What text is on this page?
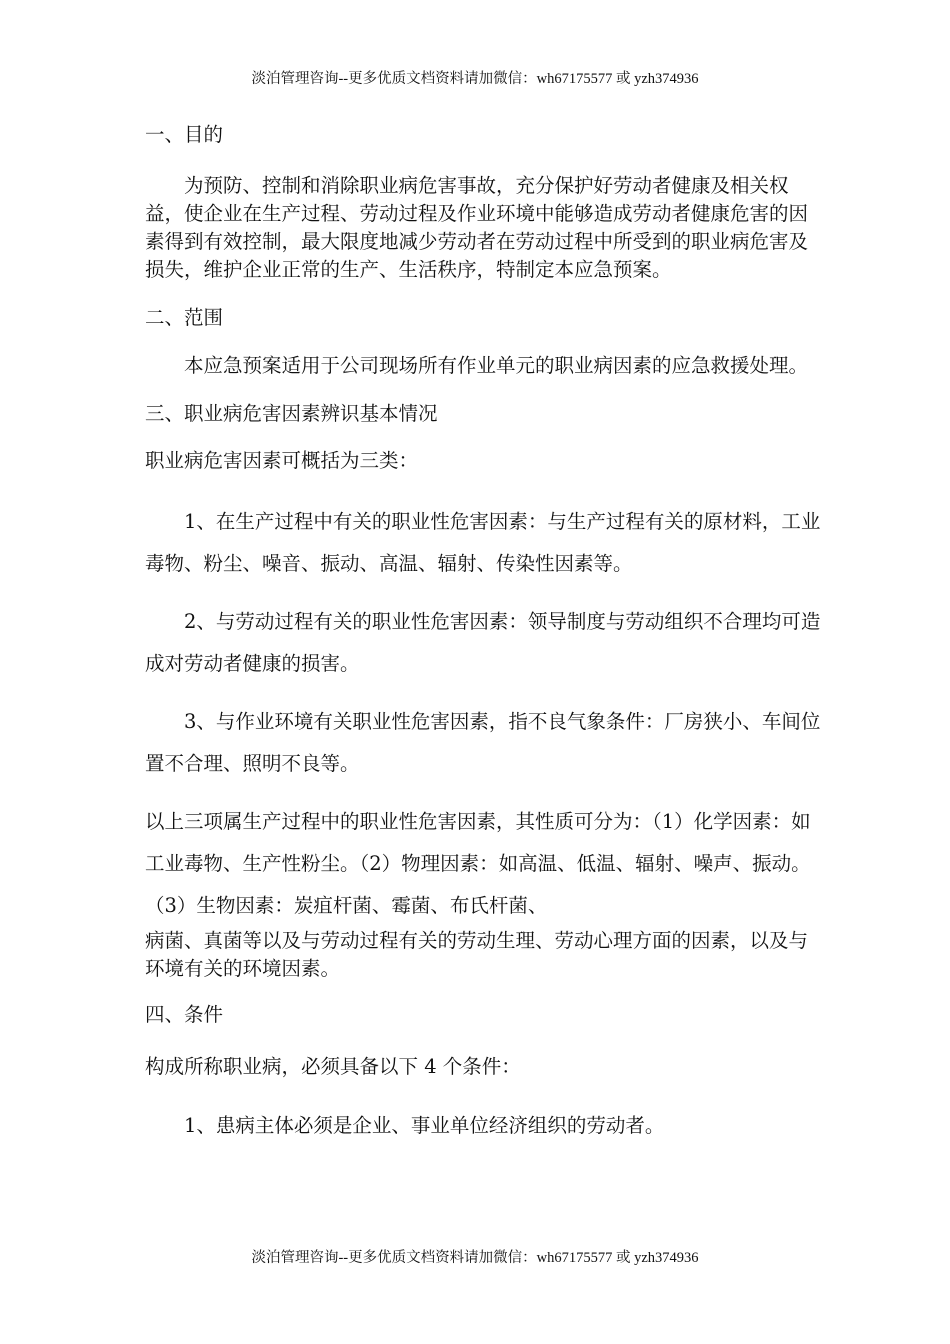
淡泊管理咨询--更多优质文档资料请加微信：wh67175577 或 yzh374936

一、目的

为预防、控制和消除职业病危害事故，充分保护好劳动者健康及相关权益，使企业在生产过程、劳动过程及作业环境中能够造成劳动者健康危害的因素得到有效控制，最大限度地减少劳动者在劳动过程中所受到的职业病危害及损失，维护企业正常的生产、生活秩序，特制定本应急预案。

二、范围

本应急预案适用于公司现场所有作业单元的职业病因素的应急救援处理。

三、职业病危害因素辨识基本情况

职业病危害因素可概括为三类：

1、在生产过程中有关的职业性危害因素：与生产过程有关的原材料，工业毒物、粉尘、噪音、振动、高温、辐射、传染性因素等。

2、与劳动过程有关的职业性危害因素：领导制度与劳动组织不合理均可造成对劳动者健康的损害。

3、与作业环境有关职业性危害因素，指不良气象条件：厂房狭小、车间位置不合理、照明不良等。

以上三项属生产过程中的职业性危害因素，其性质可分为：（1）化学因素：如工业毒物、生产性粉尘。（2）物理因素：如高温、低温、辐射、噪声、振动。（3）生物因素：炭疽杆菌、霉菌、布氏杆菌、

病菌、真菌等以及与劳动过程有关的劳动生理、劳动心理方面的因素，以及与环境有关的环境因素。

四、条件

构成所称职业病，必须具备以下 4 个条件：

1、患病主体必须是企业、事业单位经济组织的劳动者。

淡泊管理咨询--更多优质文档资料请加微信：wh67175577 或 yzh374936
